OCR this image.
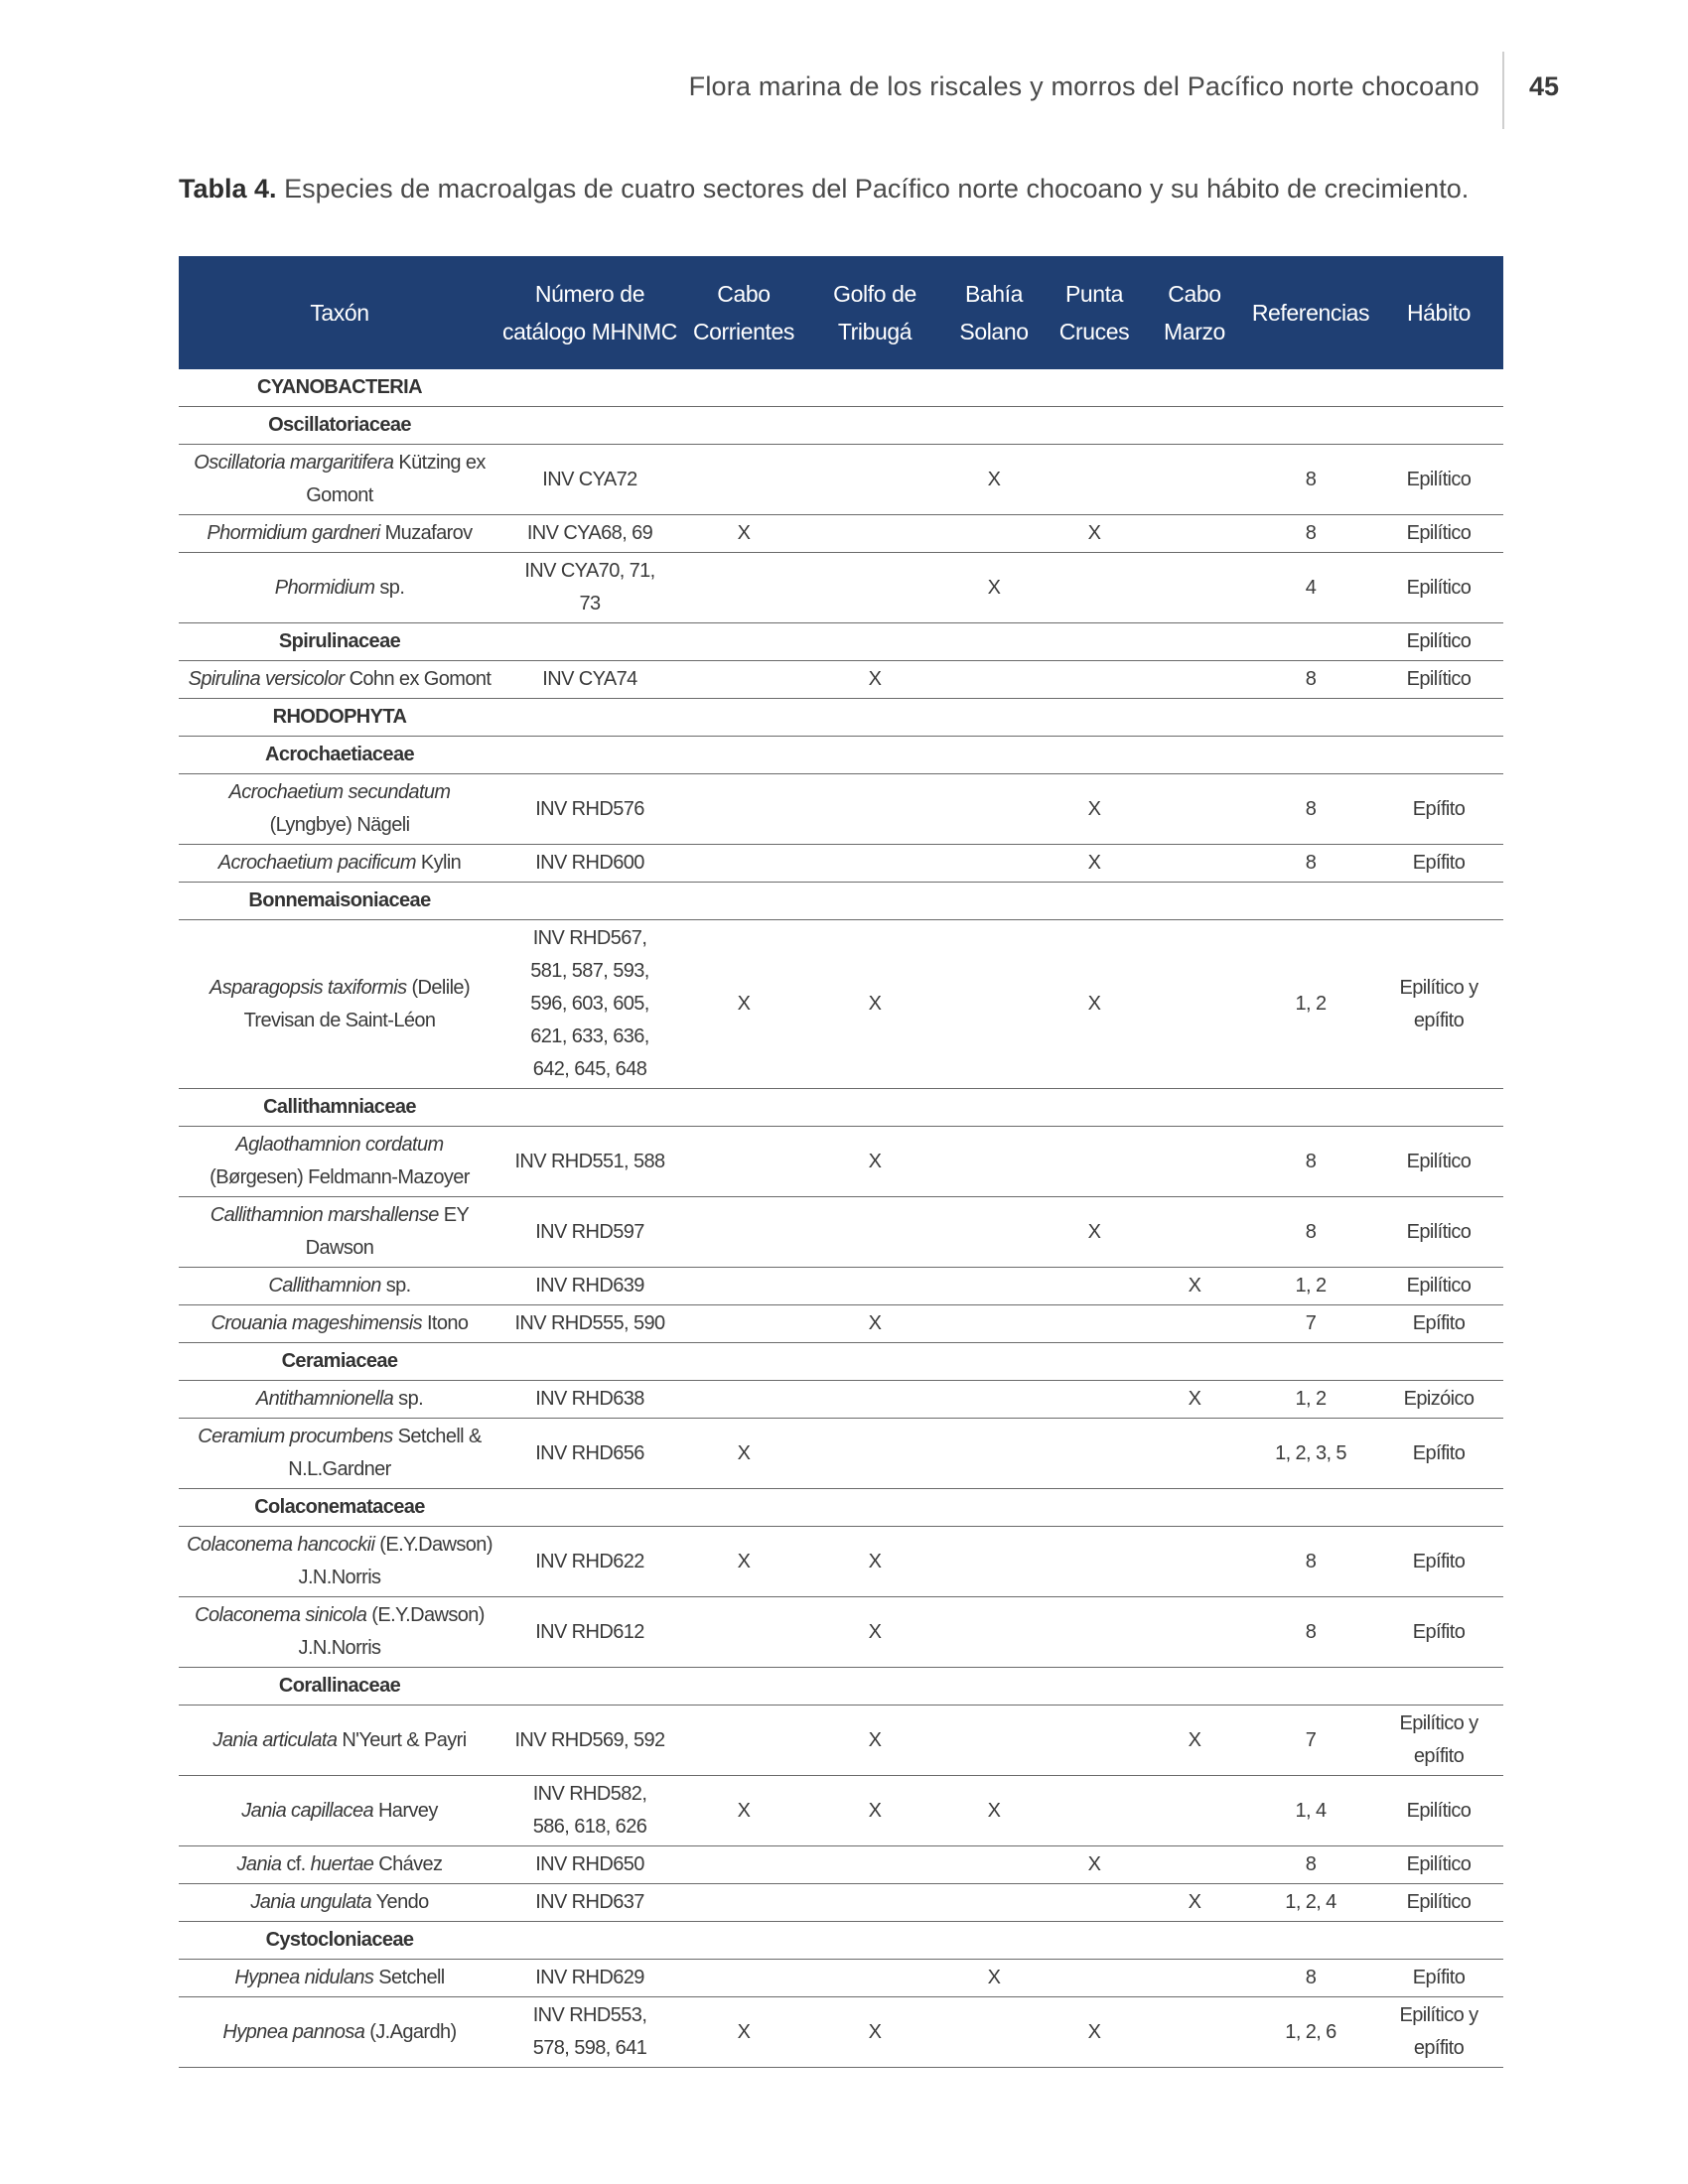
Flora marina de los riscales y morros del Pacífico norte chocoano 45
Tabla 4. Especies de macroalgas de cuatro sectores del Pacífico norte chocoano y su hábito de crecimiento.
Taxón	Número de catálogo MHNMC	Cabo Corrientes	Golfo de Tribugá	Bahía Solano	Punta Cruces	Cabo Marzo	Referencias	Hábito
CYANOBACTERIA								
Oscillatoriaceae								
Oscillatoria margaritifera Kützing ex Gomont	INV CYA72			X			8	Epilítico
Phormidium gardneri Muzafarov	INV CYA68, 69	X			X		8	Epilítico
Phormidium sp.	INV CYA70, 71, 73			X			4	Epilítico
Spirulinaceae								Epilítico
Spirulina versicolor Cohn ex Gomont	INV CYA74		X				8	Epilítico
RHODOPHYTA								
Acrochaetiaceae								
Acrochaetium secundatum (Lyngbye) Nägeli	INV RHD576				X		8	Epífito
Acrochaetium pacificum Kylin	INV RHD600				X		8	Epífito
Bonnemaisoniaceae								
Asparagopsis taxiformis (Delile) Trevisan de Saint-Léon	INV RHD567, 581, 587, 593, 596, 603, 605, 621, 633, 636, 642, 645, 648	X	X		X		1, 2	Epilítico y epífito
Callithamniaceae								
Aglaothamnion cordatum (Børgesen) Feldmann-Mazoyer	INV RHD551, 588		X				8	Epilítico
Callithamnion marshallense EY Dawson	INV RHD597				X		8	Epilítico
Callithamnion sp.	INV RHD639					X	1, 2	Epilítico
Crouania mageshimensis Itono	INV RHD555, 590		X				7	Epífito
Ceramiaceae								
Antithamnionella sp.	INV RHD638					X	1, 2	Epizóico
Ceramium procumbens Setchell & N.L.Gardner	INV RHD656	X					1, 2, 3, 5	Epífito
Colaconemataceae								
Colaconema hancockii (E.Y.Dawson) J.N.Norris	INV RHD622	X	X				8	Epífito
Colaconema sinicola (E.Y.Dawson) J.N.Norris	INV RHD612		X				8	Epífito
Corallinaceae								
Jania articulata N'Yeurt & Payri	INV RHD569, 592		X			X	7	Epilítico y epífito
Jania capillacea Harvey	INV RHD582, 586, 618, 626	X	X	X			1, 4	Epilítico
Jania cf. huertae Chávez	INV RHD650				X		8	Epilítico
Jania ungulata Yendo	INV RHD637					X	1, 2, 4	Epilítico
Cystocloniaceae								
Hypnea nidulans Setchell	INV RHD629			X			8	Epífito
Hypnea pannosa (J.Agardh)	INV RHD553, 578, 598, 641	X	X		X		1, 2, 6	Epilítico y epífito
